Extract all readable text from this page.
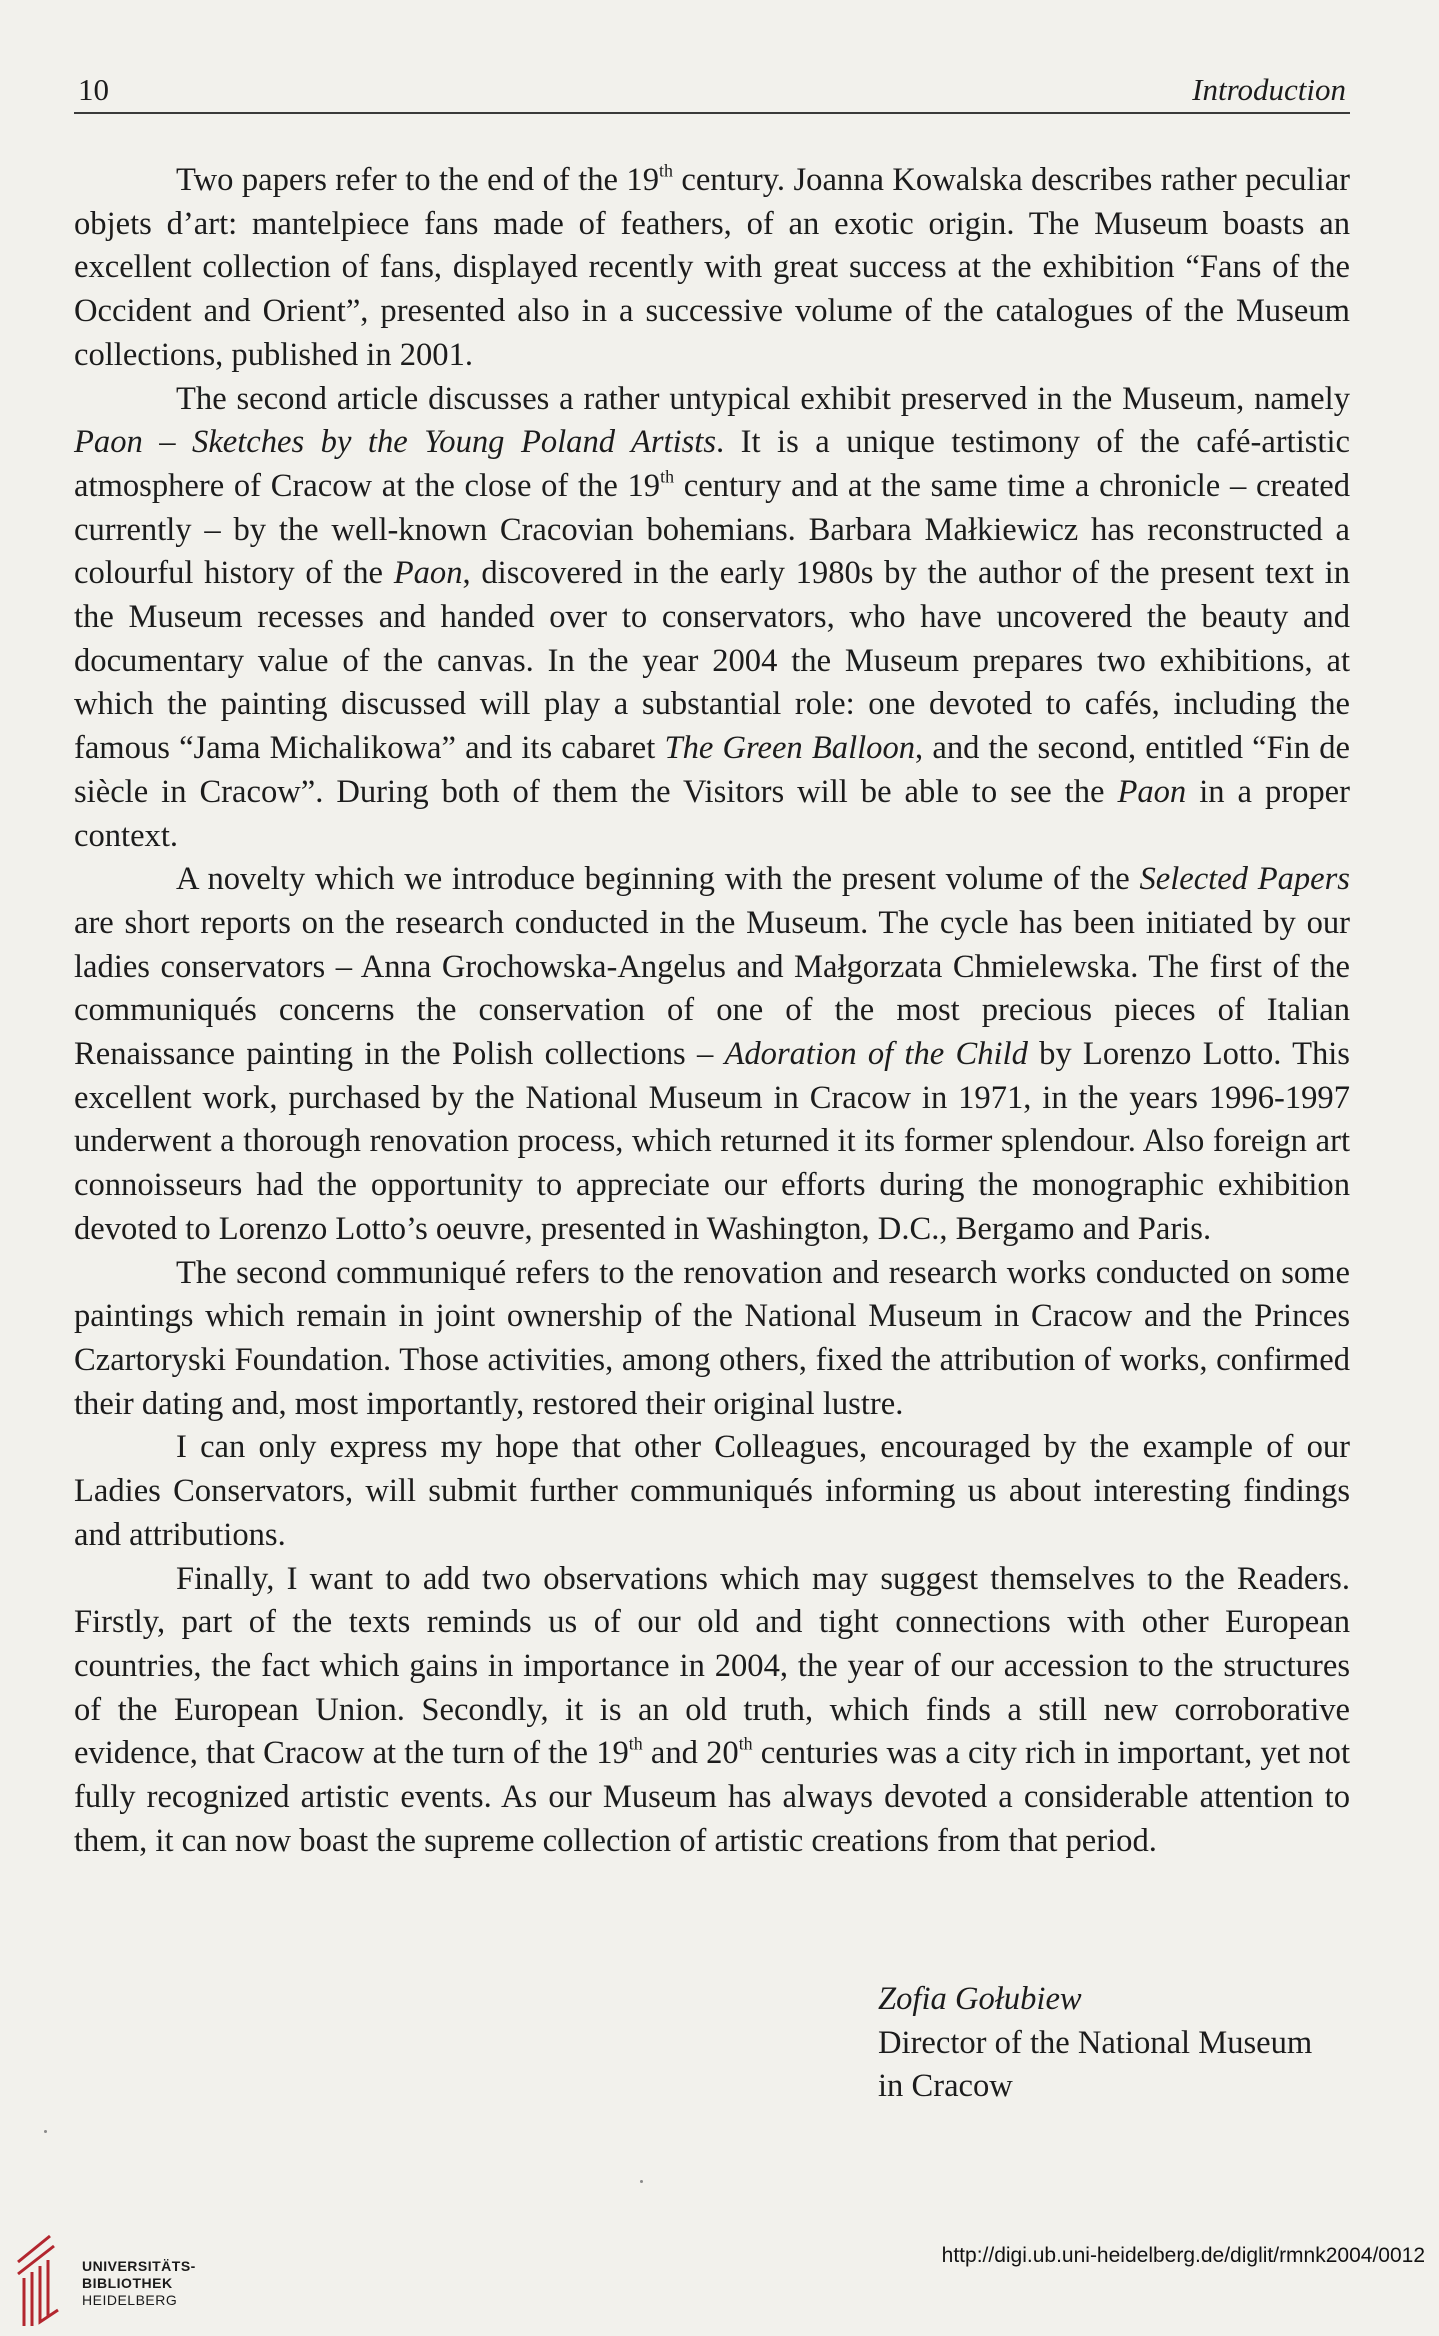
10	Introduction

Two papers refer to the end of the 19th century. Joanna Kowalska describes rather peculiar objets d’art: mantelpiece fans made of feathers, of an exotic origin. The Museum boasts an excellent collection of fans, displayed recently with great success at the exhibition “Fans of the Occident and Orient”, presented also in a successive volume of the catalogues of the Museum collections, published in 2001.

The second article discusses a rather untypical exhibit preserved in the Museum, namely Paon – Sketches by the Young Poland Artists. It is a unique testimony of the café-artistic atmosphere of Cracow at the close of the 19th century and at the same time a chronicle – created currently – by the well-known Cracovian bohemians. Barbara Małkiewicz has reconstructed a colourful history of the Paon, discovered in the early 1980s by the author of the present text in the Museum recesses and handed over to conservators, who have uncovered the beauty and documentary value of the canvas. In the year 2004 the Museum prepares two exhibitions, at which the painting discussed will play a substantial role: one devoted to cafés, including the famous “Jama Michalikowa” and its cabaret The Green Balloon, and the second, entitled “Fin de siècle in Cracow”. During both of them the Visitors will be able to see the Paon in a proper context.

A novelty which we introduce beginning with the present volume of the Selected Papers are short reports on the research conducted in the Museum. The cycle has been initiated by our ladies conservators – Anna Grochowska-Angelus and Małgorzata Chmielewska. The first of the communiqués concerns the conservation of one of the most precious pieces of Italian Renaissance painting in the Polish collections – Adoration of the Child by Lorenzo Lotto. This excellent work, purchased by the National Museum in Cracow in 1971, in the years 1996-1997 underwent a thorough renovation process, which returned it its former splendour. Also foreign art connoisseurs had the opportunity to appreciate our efforts during the monographic exhibition devoted to Lorenzo Lotto’s oeuvre, presented in Washington, D.C., Bergamo and Paris.

The second communiqué refers to the renovation and research works conducted on some paintings which remain in joint ownership of the National Museum in Cracow and the Princes Czartoryski Foundation. Those activities, among others, fixed the attribution of works, confirmed their dating and, most importantly, restored their original lustre.

I can only express my hope that other Colleagues, encouraged by the example of our Ladies Conservators, will submit further communiqués informing us about interesting findings and attributions.

Finally, I want to add two observations which may suggest themselves to the Readers. Firstly, part of the texts reminds us of our old and tight connections with other European countries, the fact which gains in importance in 2004, the year of our accession to the structures of the European Union. Secondly, it is an old truth, which finds a still new corroborative evidence, that Cracow at the turn of the 19th and 20th centuries was a city rich in important, yet not fully recognized artistic events. As our Museum has always devoted a considerable attention to them, it can now boast the supreme collection of artistic creations from that period.

Zofia Gołubiew
Director of the National Museum
in Cracow
UNIVERSITÄTS-
BIBLIOTHEK
HEIDELBERG
http://digi.ub.uni-heidelberg.de/diglit/rmnk2004/0012
